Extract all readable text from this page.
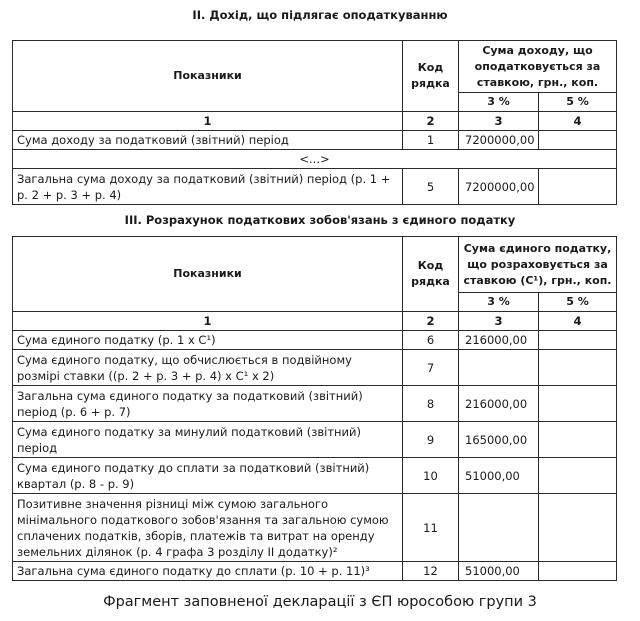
II. Дохід, що підлягає оподаткуванню
Показники	Код рядка	Сума доходу, що оподатковується за ставкою, грн., коп.	
		3 %	5 %
1	2	3	4
Сума доходу за податковий (звітний) період	1	7200000,00	
<...>			
Загальна сума доходу за податковий (звітний) період (р. 1 + р. 2 + р. 3 + р. 4)	5	7200000,00	
III. Розрахунок податкових зобов'язань з єдиного податку
Показники	Код рядка	Сума єдиного податку, що розраховується за ставкою (С¹), грн., коп.	
		3 %	5 %
1	2	3	4
Сума єдиного податку (р. 1 х С¹)	6	216000,00	
Сума єдиного податку, що обчислюється в подвійному розмірі ставки ((р. 2 + р. 3 + р. 4) х С¹ х 2)	7		
Загальна сума єдиного податку за податковий (звітний) період (р. 6 + р. 7)	8	216000,00	
Сума єдиного податку за минулий податковий (звітний) період	9	165000,00	
Сума єдиного податку до сплати за податковий (звітний) квартал (р. 8 - р. 9)	10	51000,00	
Позитивне значення різниці між сумою загального мінімального податкового зобов'язання та загальною сумою сплачених податків, зборів, платежів та витрат на оренду земельних ділянок (р. 4 графа 3 розділу II додатку)²	11		
Загальна сума єдиного податку до сплати (р. 10 + р. 11)³	12	51000,00	
Фрагмент заповненої декларації з ЄП юрособою групи 3
